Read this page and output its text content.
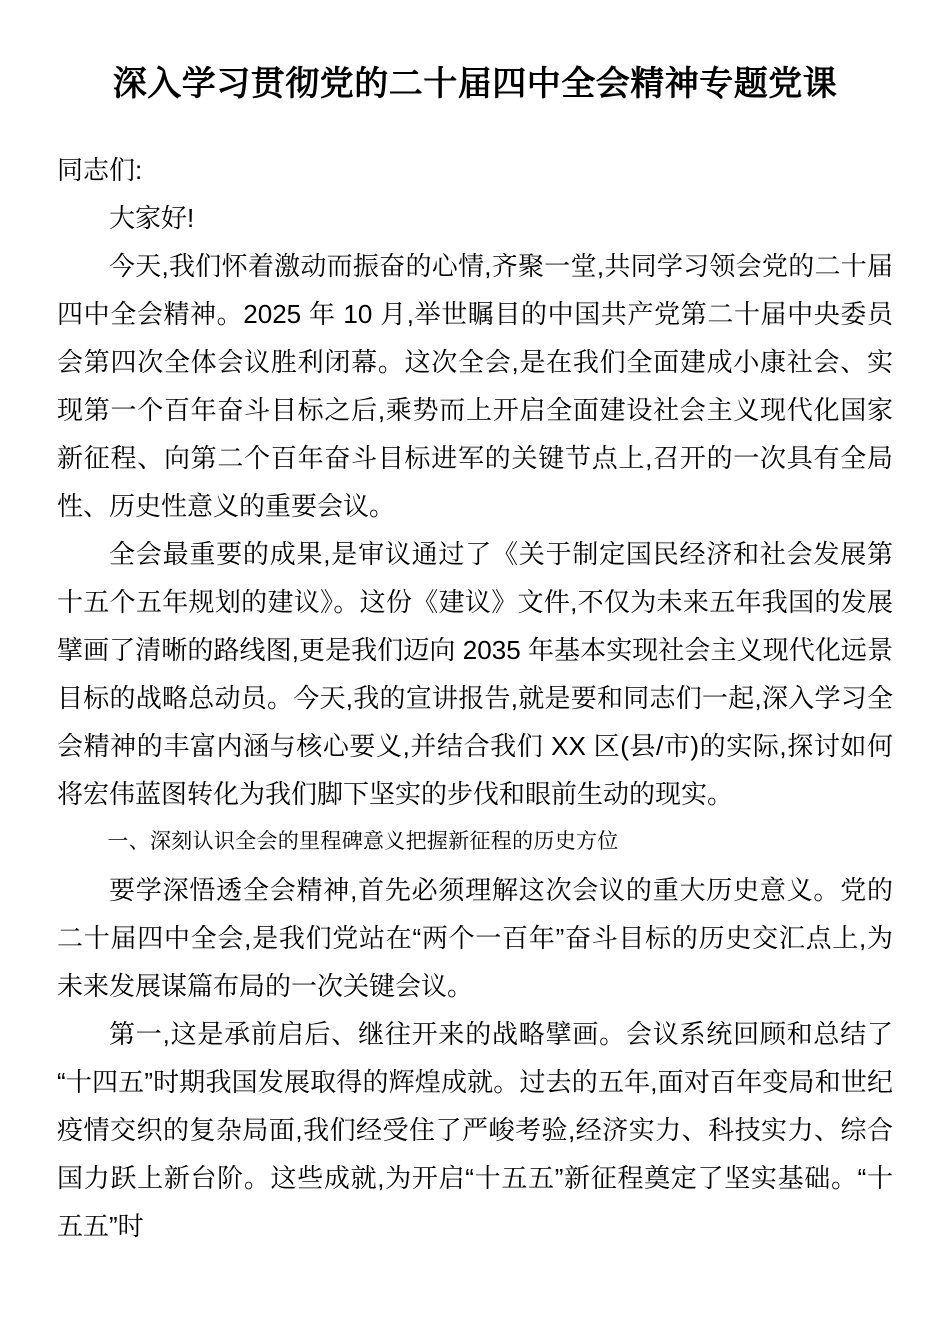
深入学习贯彻党的二十届四中全会精神专题党课

同志们:

大家好!

今天,我们怀着激动而振奋的心情,齐聚一堂,共同学习领会党的二十届四中全会精神。2025 年 10 月,举世瞩目的中国共产党第二十届中央委员会第四次全体会议胜利闭幕。这次全会,是在我们全面建成小康社会、实现第一个百年奋斗目标之后,乘势而上开启全面建设社会主义现代化国家新征程、向第二个百年奋斗目标进军的关键节点上,召开的一次具有全局性、历史性意义的重要会议。

全会最重要的成果,是审议通过了《关于制定国民经济和社会发展第十五个五年规划的建议》。这份《建议》文件,不仅为未来五年我国的发展擘画了清晰的路线图,更是我们迈向 2035 年基本实现社会主义现代化远景目标的战略总动员。今天,我的宣讲报告,就是要和同志们一起,深入学习全会精神的丰富内涵与核心要义,并结合我们 XX 区(县/市)的实际,探讨如何将宏伟蓝图转化为我们脚下坚实的步伐和眼前生动的现实。

一、深刻认识全会的里程碑意义把握新征程的历史方位

要学深悟透全会精神,首先必须理解这次会议的重大历史意义。党的二十届四中全会,是我们党站在“两个一百年”奋斗目标的历史交汇点上,为未来发展谋篇布局的一次关键会议。

第一,这是承前启后、继往开来的战略擘画。会议系统回顾和总结了“十四五”时期我国发展取得的辉煌成就。过去的五年,面对百年变局和世纪疫情交织的复杂局面,我们经受住了严峻考验,经济实力、科技实力、综合国力跃上新台阶。这些成就,为开启“十五五”新征程奠定了坚实基础。“十五五”时
